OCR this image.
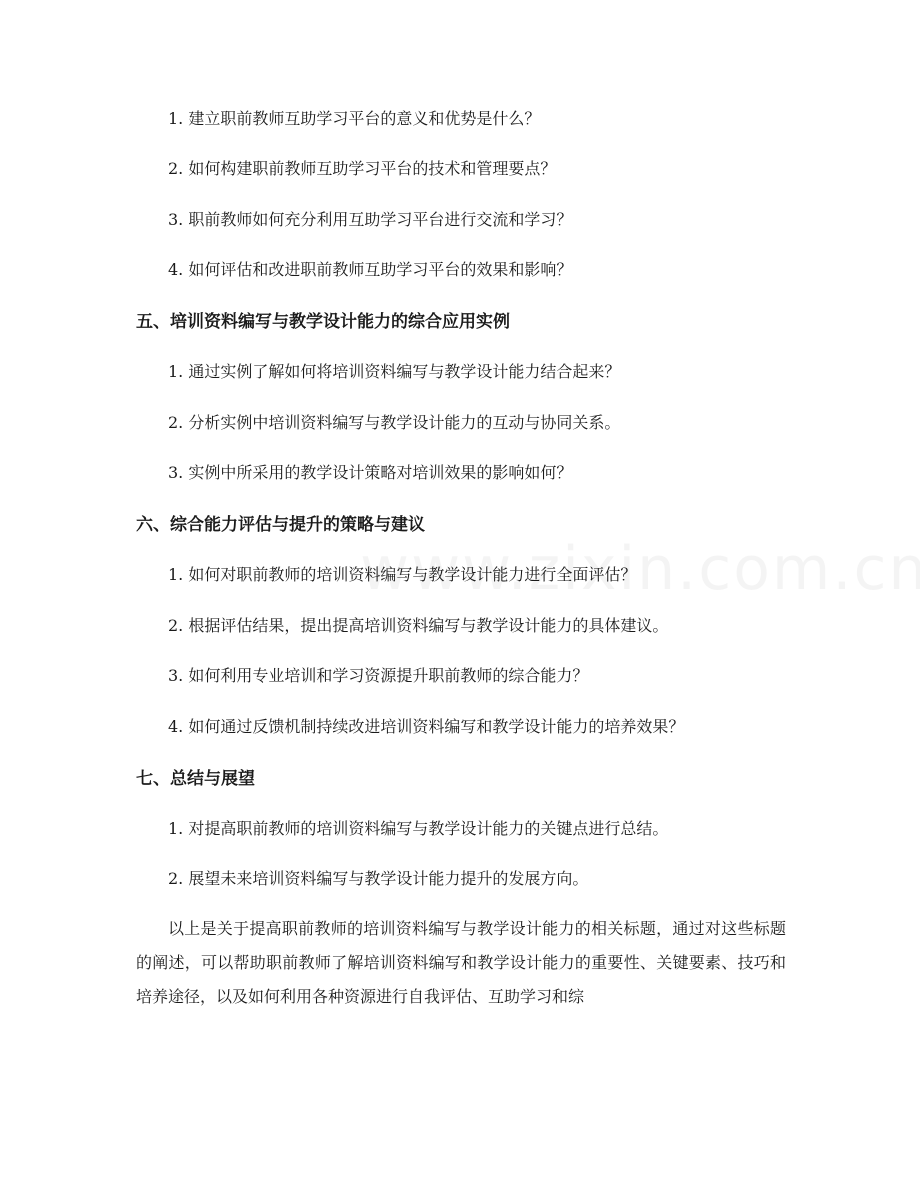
1. 建立职前教师互助学习平台的意义和优势是什么？
2. 如何构建职前教师互助学习平台的技术和管理要点？
3. 职前教师如何充分利用互助学习平台进行交流和学习？
4. 如何评估和改进职前教师互助学习平台的效果和影响？
五、培训资料编写与教学设计能力的综合应用实例
1. 通过实例了解如何将培训资料编写与教学设计能力结合起来？
2. 分析实例中培训资料编写与教学设计能力的互动与协同关系。
3. 实例中所采用的教学设计策略对培训效果的影响如何？
六、综合能力评估与提升的策略与建议
1. 如何对职前教师的培训资料编写与教学设计能力进行全面评估？
2. 根据评估结果，提出提高培训资料编写与教学设计能力的具体建议。
3. 如何利用专业培训和学习资源提升职前教师的综合能力？
4. 如何通过反馈机制持续改进培训资料编写和教学设计能力的培养效果？
七、总结与展望
1. 对提高职前教师的培训资料编写与教学设计能力的关键点进行总结。
2. 展望未来培训资料编写与教学设计能力提升的发展方向。
以上是关于提高职前教师的培训资料编写与教学设计能力的相关标题，通过对这些标题的阐述，可以帮助职前教师了解培训资料编写和教学设计能力的重要性、关键要素、技巧和培养途径，以及如何利用各种资源进行自我评估、互助学习和综
